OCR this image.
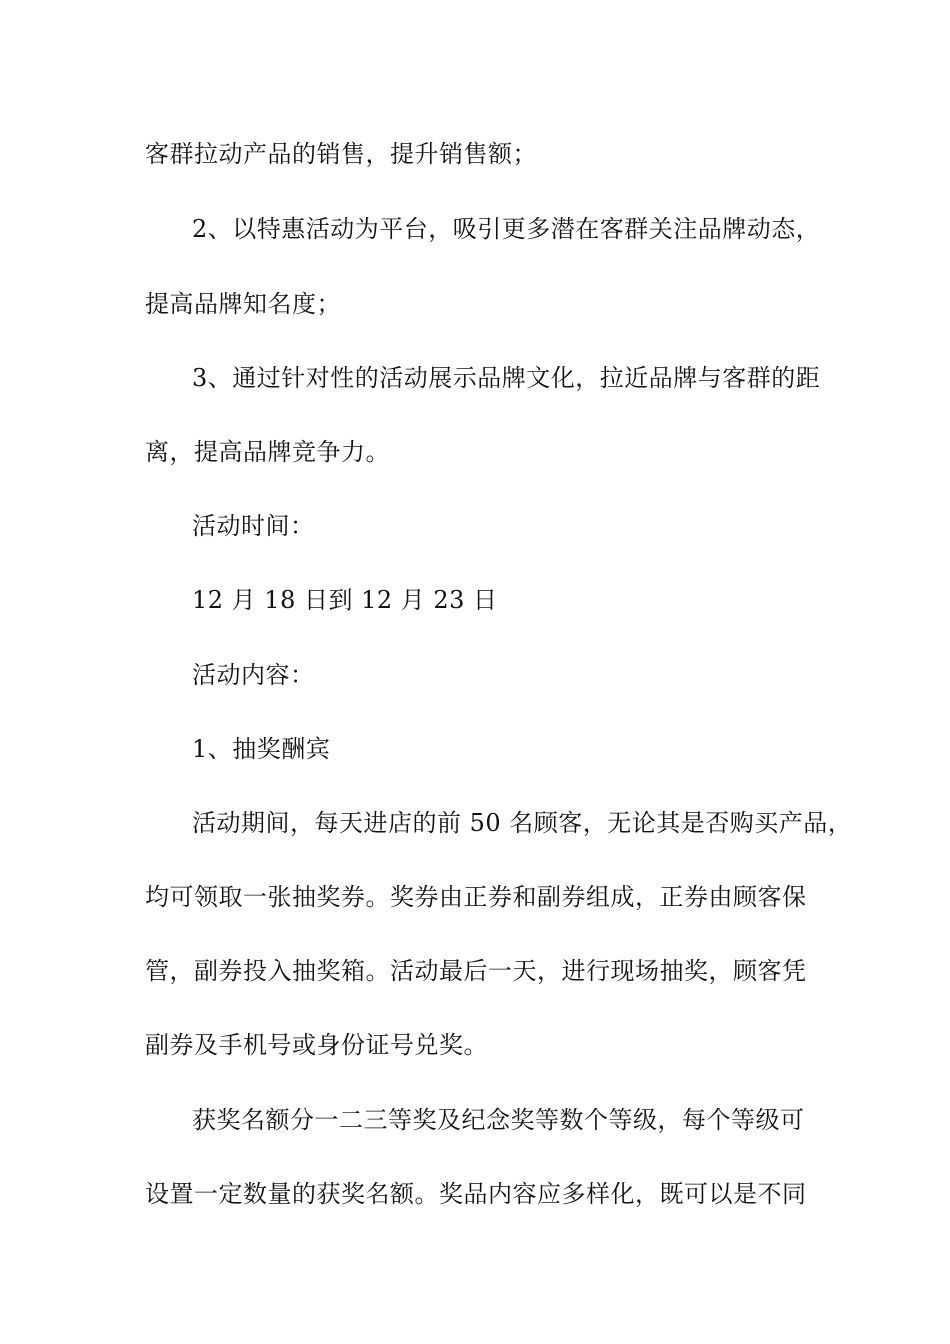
客群拉动产品的销售，提升销售额；
2、以特惠活动为平台，吸引更多潜在客群关注品牌动态，
提高品牌知名度；
3、通过针对性的活动展示品牌文化，拉近品牌与客群的距
离，提高品牌竞争力。
活动时间：
12 月 18 日到 12 月 23 日
活动内容：
1、抽奖酬宾
活动期间，每天进店的前 50 名顾客，无论其是否购买产品，
均可领取一张抽奖券。奖券由正券和副券组成，正券由顾客保
管，副券投入抽奖箱。活动最后一天，进行现场抽奖，顾客凭
副券及手机号或身份证号兑奖。
获奖名额分一二三等奖及纪念奖等数个等级，每个等级可
设置一定数量的获奖名额。奖品内容应多样化，既可以是不同
